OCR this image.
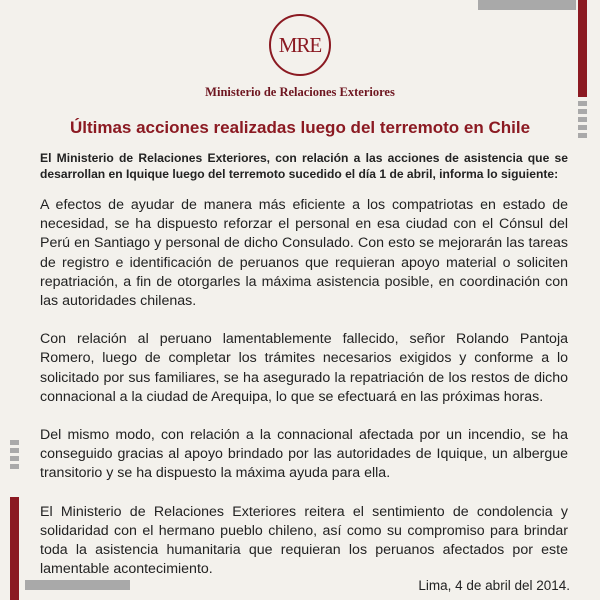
MRE
Ministerio de Relaciones Exteriores
Últimas acciones realizadas luego del terremoto en Chile
El Ministerio de Relaciones Exteriores, con relación a las acciones de asistencia que se desarrollan en Iquique luego del terremoto sucedido el día 1 de abril, informa lo siguiente:

A efectos de ayudar de manera más eficiente a los compatriotas en estado de necesidad, se ha dispuesto reforzar el personal en esa ciudad con el Cónsul del Perú en Santiago y personal de dicho Consulado. Con esto se mejorarán las tareas de registro e identificación de peruanos que requieran apoyo material o soliciten repatriación, a fin de otorgarles la máxima asistencia posible, en coordinación con las autoridades chilenas.

Con relación al peruano lamentablemente fallecido, señor Rolando Pantoja Romero, luego de completar los trámites necesarios exigidos y conforme a lo solicitado por sus familiares, se ha asegurado la repatriación de los restos de dicho connacional a la ciudad de Arequipa, lo que se efectuará en las próximas horas.

Del mismo modo, con relación a la connacional afectada por un incendio, se ha conseguido gracias al apoyo brindado por las autoridades de Iquique, un albergue transitorio y se ha dispuesto la máxima ayuda para ella.

El Ministerio de Relaciones Exteriores reitera el sentimiento de condolencia y solidaridad con el hermano pueblo chileno, así como su compromiso para brindar toda la asistencia humanitaria que requieran los peruanos afectados por este lamentable acontecimiento.

Lima, 4 de abril del 2014.
